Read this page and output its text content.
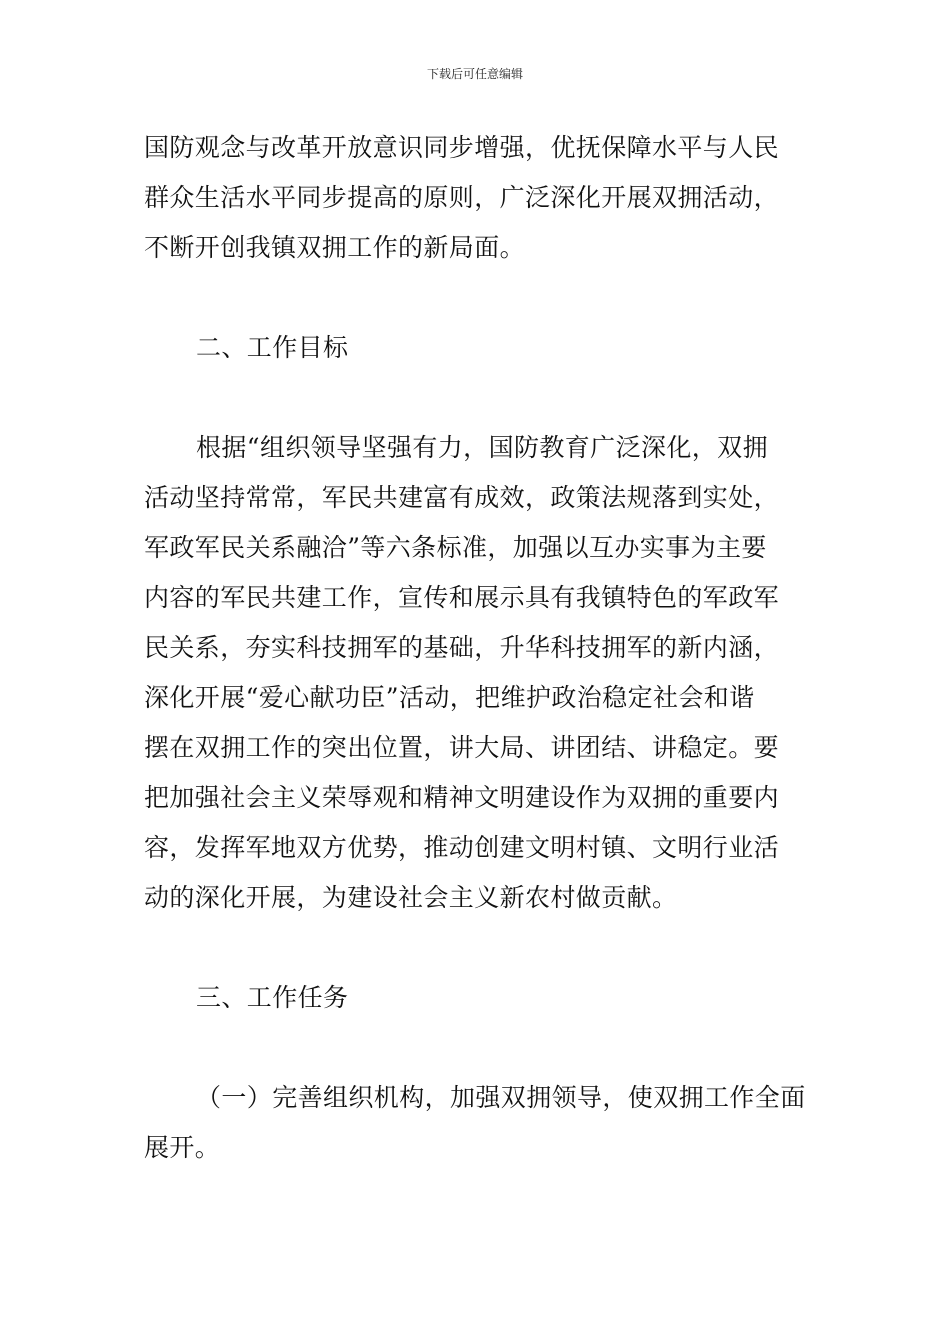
下载后可任意编辑
国防观念与改革开放意识同步增强，优抚保障水平与人民
群众生活水平同步提高的原则，广泛深化开展双拥活动，
不断开创我镇双拥工作的新局面。
二、工作目标
根据“组织领导坚强有力，国防教育广泛深化，双拥
活动坚持常常，军民共建富有成效，政策法规落到实处，
军政军民关系融洽”等六条标准，加强以互办实事为主要
内容的军民共建工作，宣传和展示具有我镇特色的军政军
民关系，夯实科技拥军的基础，升华科技拥军的新内涵，
深化开展“爱心献功臣”活动，把维护政治稳定社会和谐
摆在双拥工作的突出位置，讲大局、讲团结、讲稳定。要
把加强社会主义荣辱观和精神文明建设作为双拥的重要内
容，发挥军地双方优势，推动创建文明村镇、文明行业活
动的深化开展，为建设社会主义新农村做贡献。
三、工作任务
（一）完善组织机构，加强双拥领导，使双拥工作全面
展开。
